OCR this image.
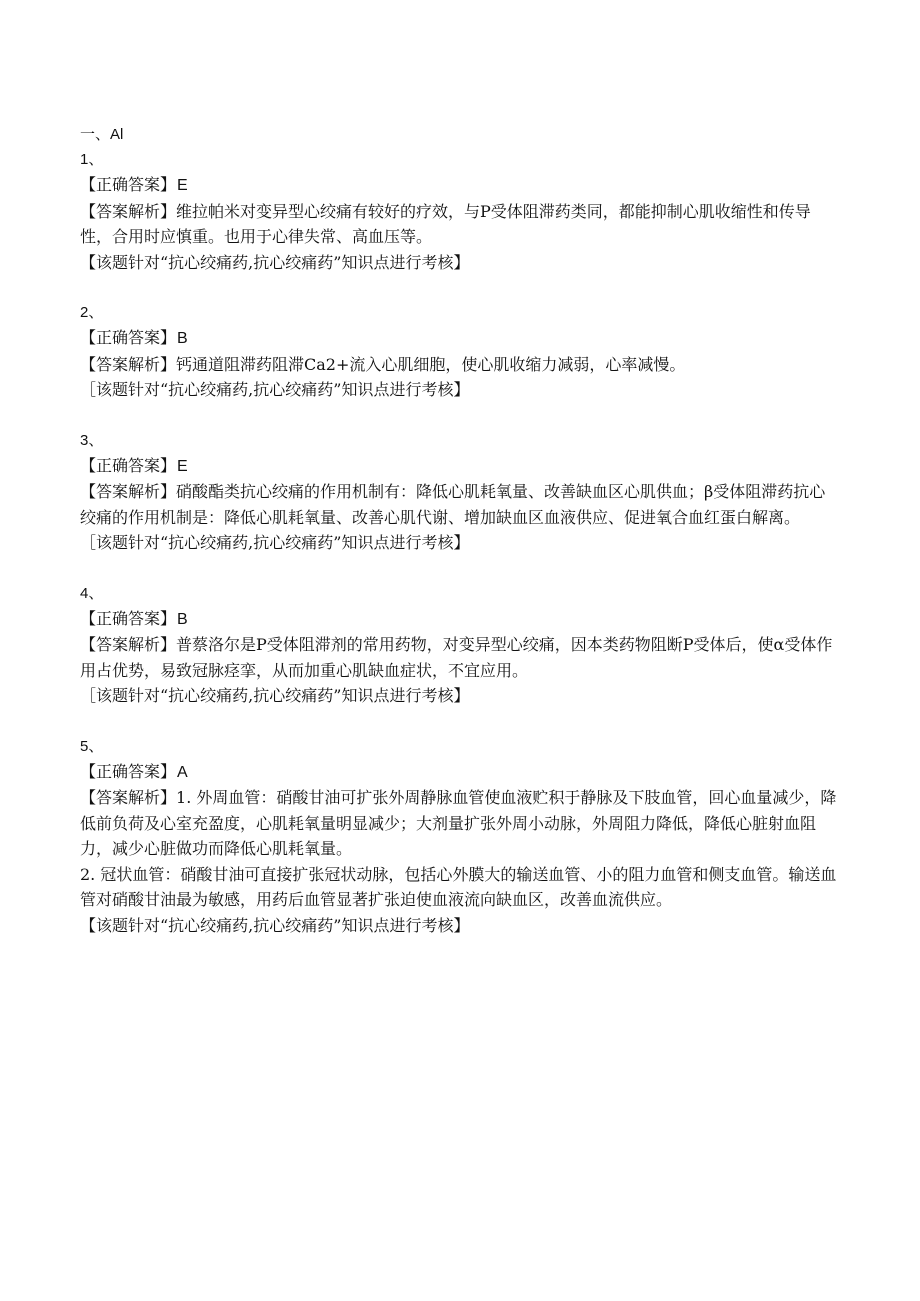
一、Al
1、
【正确答案】E
【答案解析】维拉帕米对变异型心绞痛有较好的疗效，与P受体阻滞药类同，都能抑制心肌收缩性和传导性，合用时应慎重。也用于心律失常、高血压等。
【该题针对“抗心绞痛药,抗心绞痛药”知识点进行考核】
2、
【正确答案】B
【答案解析】钙通道阻滞药阻滞Ca2+流入心肌细胞，使心肌收缩力减弱，心率减慢。
［该题针对“抗心绞痛药,抗心绞痛药”知识点进行考核】
3、
【正确答案】E
【答案解析】硝酸酯类抗心绞痛的作用机制有：降低心肌耗氧量、改善缺血区心肌供血；β受体阻滞药抗心绞痛的作用机制是：降低心肌耗氧量、改善心肌代谢、增加缺血区血液供应、促进氧合血红蛋白解离。
［该题针对“抗心绞痛药,抗心绞痛药”知识点进行考核】
4、
【正确答案】B
【答案解析】普蔡洛尔是P受体阻滞剂的常用药物，对变异型心绞痛，因本类药物阻断P受体后，使α受体作用占优势，易致冠脉痉挛，从而加重心肌缺血症状，不宜应用。
［该题针对“抗心绞痛药,抗心绞痛药”知识点进行考核】
5、
【正确答案】A
【答案解析】1. 外周血管：硝酸甘油可扩张外周静脉血管使血液贮积于静脉及下肢血管，回心血量减少，降低前负荷及心室充盈度，心肌耗氧量明显减少；大剂量扩张外周小动脉，外周阻力降低，降低心脏射血阻力，减少心脏做功而降低心肌耗氧量。
2. 冠状血管：硝酸甘油可直接扩张冠状动脉，包括心外膜大的输送血管、小的阻力血管和侧支血管。输送血管对硝酸甘油最为敏感，用药后血管显著扩张迫使血液流向缺血区，改善血流供应。
【该题针对“抗心绞痛药,抗心绞痛药”知识点进行考核】
